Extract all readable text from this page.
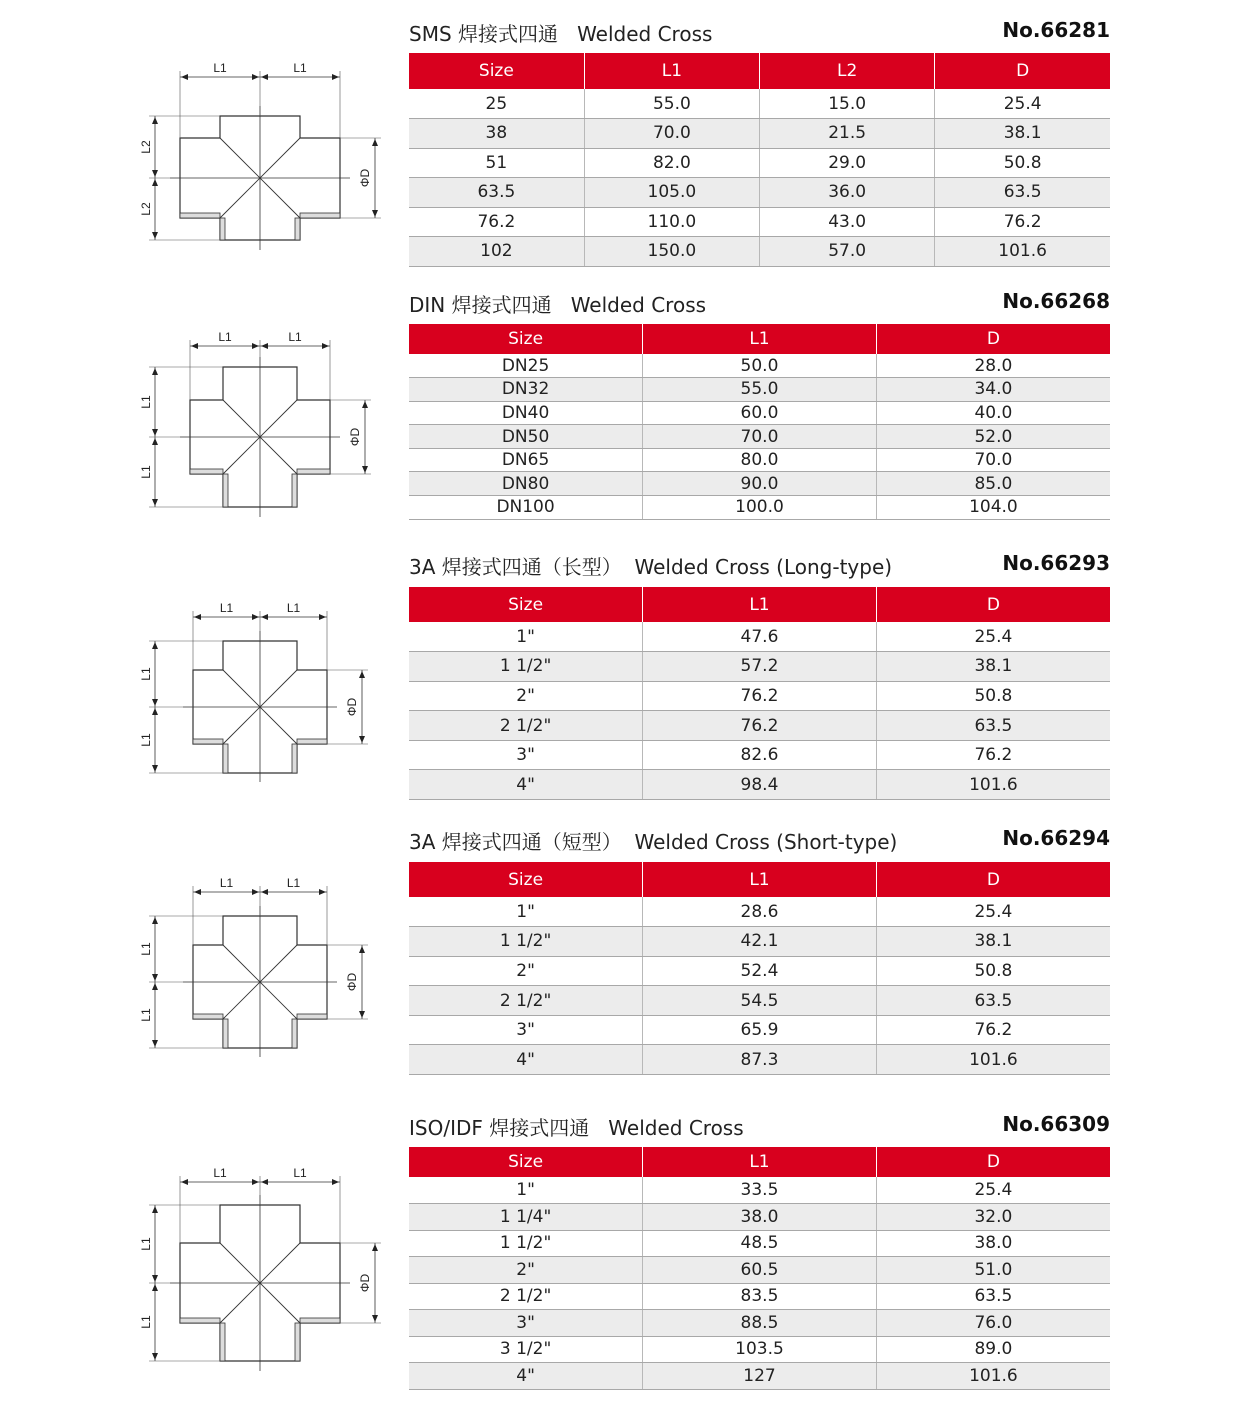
SMS 焊接式四通   Welded Cross	No.66281
Size	L1	L2	D
25	55.0	15.0	25.4
38	70.0	21.5	38.1
51	82.0	29.0	50.8
63.5	105.0	36.0	63.5
76.2	110.0	43.0	76.2
102	150.0	57.0	101.6
L1	L1
L2
L2
ΦD
DIN 焊接式四通   Welded Cross	No.66268
Size	L1	D
DN25	50.0	28.0
DN32	55.0	34.0
DN40	60.0	40.0
DN50	70.0	52.0
DN65	80.0	70.0
DN80	90.0	85.0
DN100	100.0	104.0
L1	L1
L1
L1
ΦD
3A 焊接式四通（长型）  Welded Cross (Long-type)	No.66293
Size	L1	D
1"	47.6	25.4
1 1/2"	57.2	38.1
2"	76.2	50.8
2 1/2"	76.2	63.5
3"	82.6	76.2
4"	98.4	101.6
L1	L1
L1
L1
ΦD
3A 焊接式四通（短型）  Welded Cross (Short-type)	No.66294
Size	L1	D
1"	28.6	25.4
1 1/2"	42.1	38.1
2"	52.4	50.8
2 1/2"	54.5	63.5
3"	65.9	76.2
4"	87.3	101.6
L1	L1
L1
L1
ΦD
ISO/IDF 焊接式四通   Welded Cross	No.66309
Size	L1	D
1"	33.5	25.4
1 1/4"	38.0	32.0
1 1/2"	48.5	38.0
2"	60.5	51.0
2 1/2"	83.5	63.5
3"	88.5	76.0
3 1/2"	103.5	89.0
4"	127	101.6
L1	L1
L1
L1
ΦD
